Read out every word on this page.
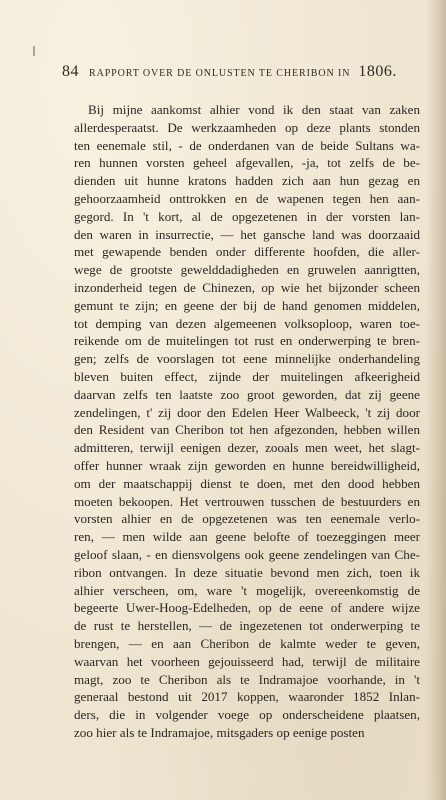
84 RAPPORT OVER DE ONLUSTEN TE CHERIBON IN 1806.
Bij mijne aankomst alhier vond ik den staat van zaken
allerdesperaatst. De werkzaamheden op deze plants stonden
ten eenemale stil, - de onderdanen van de beide Sultans wa-
ren hunnen vorsten geheel afgevallen, -ja, tot zelfs de be-
dienden uit hunne kratons hadden zich aan hun gezag en
gehoorzaamheid onttrokken en de wapenen tegen hen aan-
gegord. In 't kort, al de opgezetenen in der vorsten lan-
den waren in insurrectie, — het gansche land was doorzaaid
met gewapende benden onder differente hoofden, die aller-
wege de grootste gewelddadigheden en gruwelen aanrigtten,
inzonderheid tegen de Chinezen, op wie het bijzonder scheen
gemunt te zijn; en geene der bij de hand genomen middelen,
tot demping van dezen algemeenen volksoploop, waren toe-
reikende om de muitelingen tot rust en onderwerping te bren-
gen; zelfs de voorslagen tot eene minnelijke onderhandeling
bleven buiten effect, zijnde der muitelingen afkeerigheid
daarvan zelfs ten laatste zoo groot geworden, dat zij geene
zendelingen, t' zij door den Edelen Heer Walbeeck, 't zij door
den Resident van Cheribon tot hen afgezonden, hebben willen
admitteren, terwijl eenigen dezer, zooals men weet, het slagt-
offer hunner wraak zijn geworden en hunne bereidwilligheid,
om der maatschappij dienst te doen, met den dood hebben
moeten bekoopen. Het vertrouwen tusschen de bestuurders en
vorsten alhier en de opgezetenen was ten eenemale verlo-
ren, — men wilde aan geene belofte of toezeggingen meer
geloof slaan, - en diensvolgens ook geene zendelingen van Che-
ribon ontvangen. In deze situatie bevond men zich, toen ik
alhier verscheen, om, ware 't mogelijk, overeenkomstig de
begeerte Uwer-Hoog-Edelheden, op de eene of andere wijze
de rust te herstellen, — de ingezetenen tot onderwerping te
brengen, — en aan Cheribon de kalmte weder te geven,
waarvan het voorheen gejouisseerd had, terwijl de militaire
magt, zoo te Cheribon als te Indramajoe voorhande, in 't
generaal bestond uit 2017 koppen, waaronder 1852 Inlan-
ders, die in volgender voege op onderscheidene plaatsen,
zoo hier als te Indramajoe, mitsgaders op eenige posten
